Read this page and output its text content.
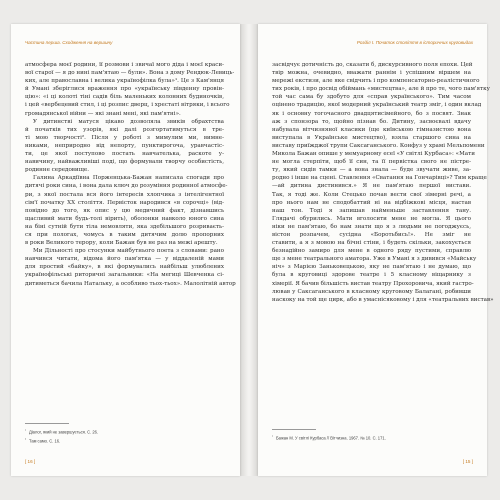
Частина перша. Сходження на вершину
атмосфера моєї родини, її розмови і звичаї мого діда і моєї краси-
вої старої — я до нині пам'ятаю — були». Вона з дому Рендюк-Левиць-
ких, але православна і велика українофілка була»¹. Це з Кам'янця
й Умані зберіглися враження про «українську південну провін-
цію»: «і ці колоті тіні садів біль маленьких колонних будиночків,
і цей «вербецевий стил, і ці розпис дверц, і хрестаті вітряки, і всього
громадянської війни — які знані мені, які пам'ятні».
У дитинстві матуся цікаво дозволяла звиків обрахтства
й початків тих узорів, які далі розгортатимуться в тре-
ті мою творчості². Після у роботі з мимулим ми, вимне-
никами, неприродно від непорту, пунктирогоча, уравчастіс-
ти, це якої поступово постать навчателька, раскоте у-
навичину, найважливіші поді, що формували творчу особистість,
родинне середовище.
Галина Аркадіївна Порженцька-Бажан написала спогади про
дитячі роки сина, і вона дала ключ до розуміння родинної атмосфе-
ри, з якої постала вся його інтересів хлопчика з інтелігентної
сім'ї початку ХХ століття. Первісток народився «в сорочці» (від-
повідно до того, як опис у цю медичний факт, дізнавшись
щасливий мати будь-толі вірить), оболонки навколо юного сина
на біні сутній бути тіла немовляти, яка здебільшого розриваєть-
ся при пологах, чомусь в таким дитячим долю пропорних
в роки Великого терору, коли Бажан був не раз на межі арешту.
Ми Дільності про стосунки майбутнього поета з словами: рано
навчився читати, відома його пам'ятка — у віддаленій мами
для простий «байку», в які формувались найбільш улюблених
українофільські риторичні загальники: «На мегиці Шевченка сі-
дитиметься бачила Натальку, а особливо тьох-тьох». Малолітній автор
$^{^1}$ Діалог, який не завершується. С. 26.
$^{^2}$ Там само. С. 16.
[ 16 ]
Розділ І. Початок століття в історичних круговидах
засвідчує дотичність до, сказати б, дискурсивного поля епохи. Цей
твір можна, очевидно, вважати раннім і успішним віршем на
мережі екстизи, але яке свідчить і про компенсаторно-реалістичного
тих років, і про досвід обіймань «мистецтва», але й про те, чого пам'ятку
той час сама бу здобуто для «справ українського». Тим часом
оцінено традицію, якої модерний український театр зміг, і один вклад
як і основну тогочасного двадцятисімейного, бо з посвят. Знак
аж з спонзора то, щойно пізнав бо. Дитину, засвоєвалі вдачу
набувала вітчизняної класики (ще київською гімназистою вона
виступала в Українське мистецтво), взяла старшого сина на
виставу приїжджої трупи Саксаганського. Конфуз у храмі Мельпомени
Микола Бажан опише у мемуарному есеї «У світлі Курбаса»: «Мати
не могла стерпіти, щоб її син, та її первістка свого не пістре-
ту, який сидів тамки — а вона знала — буде звучати живе, за-
родно і інше на сцені. Ставлення «Сватання на Гончарівці»? Тим краще
—ай дитина дистинився.» Я не пам'ятаю першої вистави.
Так, я тоді же. Коли Стецько почав вести свої зімерні речі, а
про нього нам не сподобаттий ні на відбіжкові місця, настав
наш тон. Тоді я запишав найменьше заставлення тану.
Глядачі обурились. Мати вголосити мене не могла. Я цього
ніки не пам'ятаю, бо нам знати що я з людьми не погоджуєсь,
вістон розпачем, сусідна «Боротьбись!». Не зміг не
ставити, а я з мовою на бічні стіни, і будеть скільки, закохується
безнадійно замиро для мене в одного ряду пустими, справлю
ще з мене театрального аматора. Уже в Умані я з дивився «Майську
ніч» з Марією Заньковецькою, яку не пам'ятаю і не думаю, що
була в круговиці здорове театре і 5 класному віщарнику з
хімерії. Я бачив більшість вистав театру Прохоровича, який гастро-
лював у Саксаганського в класному круговому Балагані, робивши
наскоку на той ще цирк, або в умаснісяковому і для «театральних вистав»
$^{^1}$ Бажан М. У світлі Курбаса // Вітчизна. 1967. № 10. С. 171.
[ 15 ]
